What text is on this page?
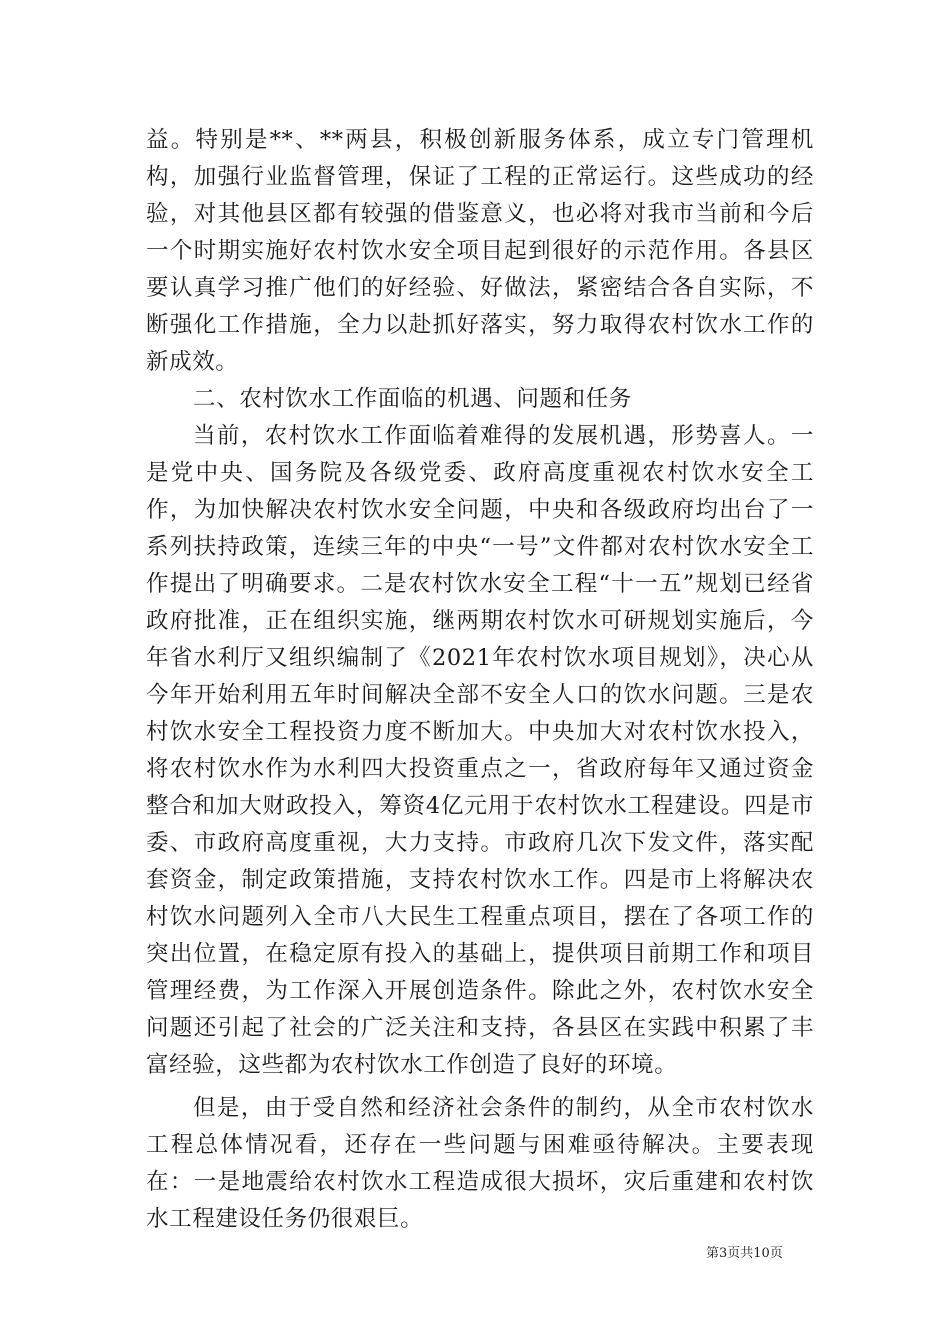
益。特别是**、**两县，积极创新服务体系，成立专门管理机构，加强行业监督管理，保证了工程的正常运行。这些成功的经验，对其他县区都有较强的借鉴意义，也必将对我市当前和今后一个时期实施好农村饮水安全项目起到很好的示范作用。各县区要认真学习推广他们的好经验、好做法，紧密结合各自实际，不断强化工作措施，全力以赴抓好落实，努力取得农村饮水工作的新成效。

二、农村饮水工作面临的机遇、问题和任务

当前，农村饮水工作面临着难得的发展机遇，形势喜人。一是党中央、国务院及各级党委、政府高度重视农村饮水安全工作，为加快解决农村饮水安全问题，中央和各级政府均出台了一系列扶持政策，连续三年的中央“一号”文件都对农村饮水安全工作提出了明确要求。二是农村饮水安全工程“十一五”规划已经省政府批准，正在组织实施，继两期农村饮水可研规划实施后，今年省水利厅又组织编制了《2021年农村饮水项目规划》，决心从今年开始利用五年时间解决全部不安全人口的饮水问题。三是农村饮水安全工程投资力度不断加大。中央加大对农村饮水投入，将农村饮水作为水利四大投资重点之一，省政府每年又通过资金整合和加大财政投入，筹资4亿元用于农村饮水工程建设。四是市委、市政府高度重视，大力支持。市政府几次下发文件，落实配套资金，制定政策措施，支持农村饮水工作。四是市上将解决农村饮水问题列入全市八大民生工程重点项目，摆在了各项工作的突出位置，在稳定原有投入的基础上，提供项目前期工作和项目管理经费，为工作深入开展创造条件。除此之外，农村饮水安全问题还引起了社会的广泛关注和支持，各县区在实践中积累了丰富经验，这些都为农村饮水工作创造了良好的环境。

但是，由于受自然和经济社会条件的制约，从全市农村饮水工程总体情况看，还存在一些问题与困难亟待解决。主要表现在：一是地震给农村饮水工程造成很大损坏，灾后重建和农村饮水工程建设任务仍很艰巨。

第3页共10页
